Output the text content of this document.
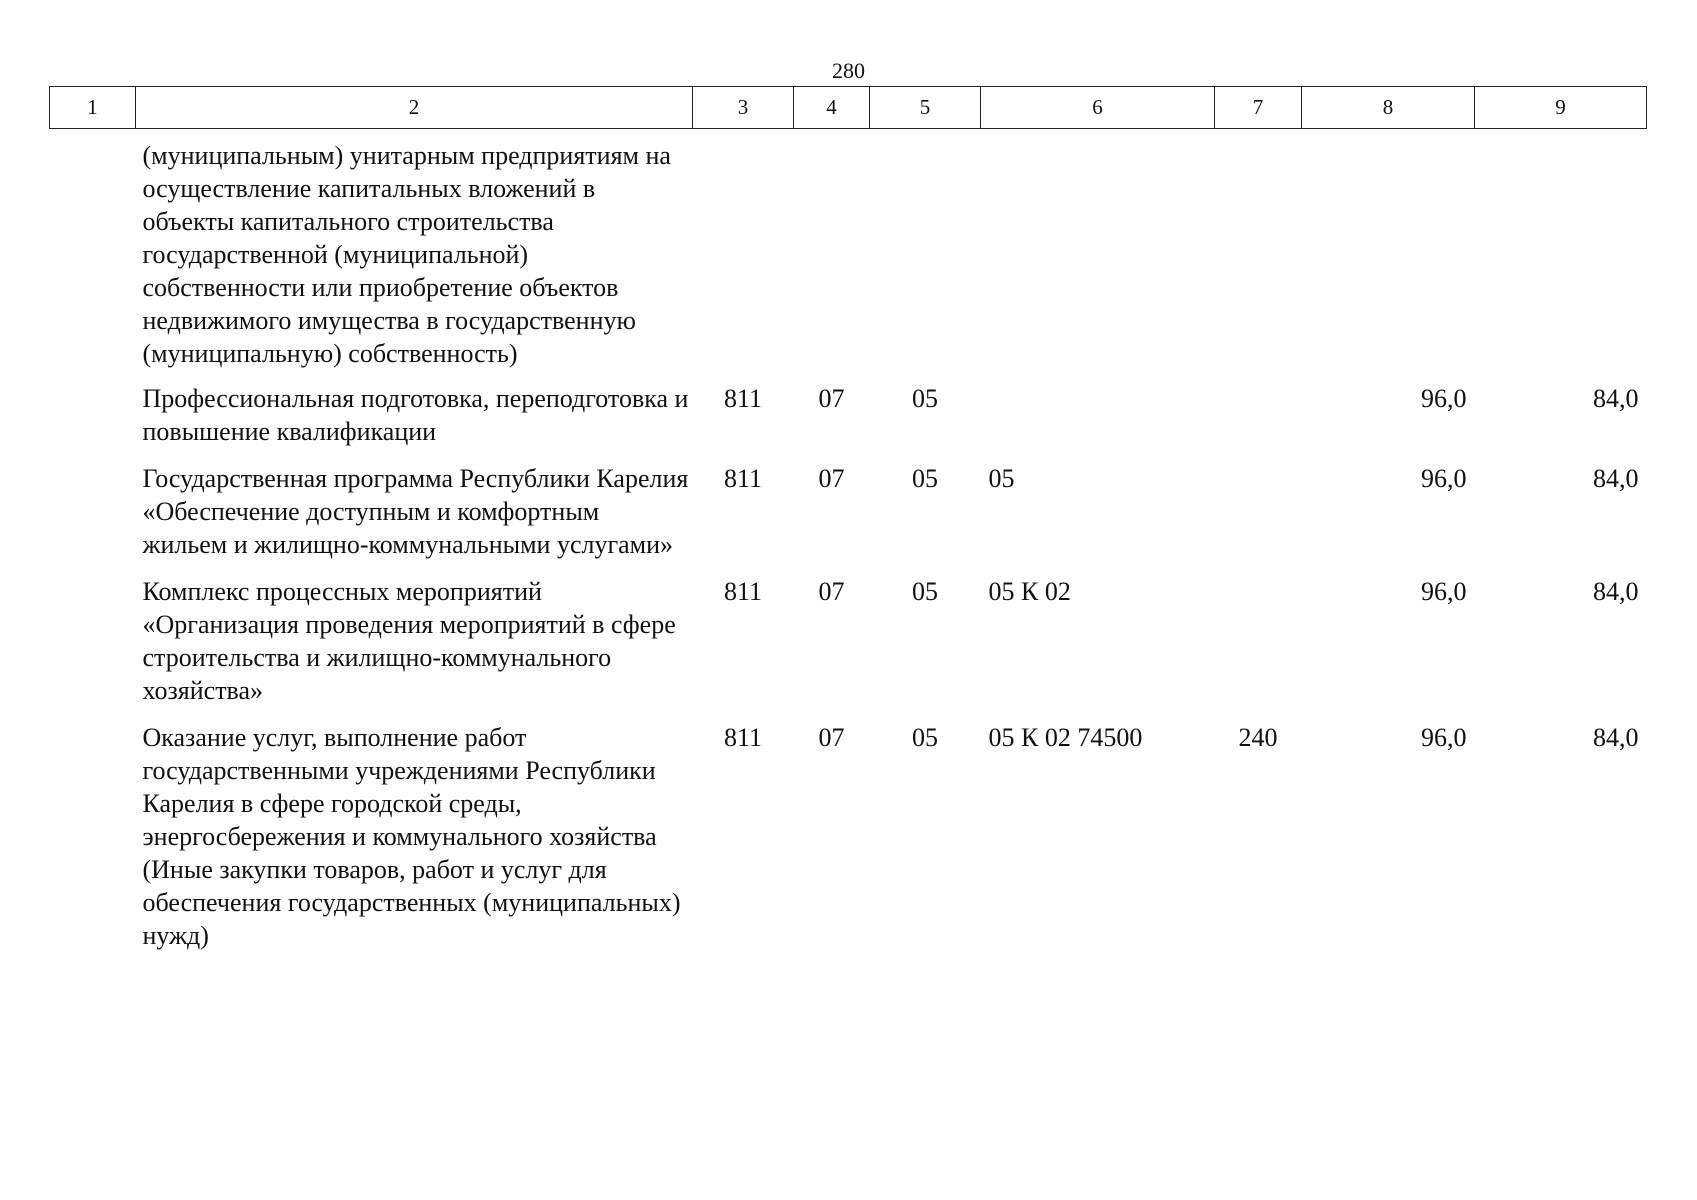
280
1	2	3	4	5	6	7	8	9
	(муниципальным) унитарным предприятиям на осуществление капитальных вложений в объекты капитального строительства государственной (муниципальной) собственности или приобретение объектов недвижимого имущества в государственную (муниципальную) собственность)							
	Профессиональная подготовка, переподготовка и повышение квалификации	811	07	05			96,0	84,0
	Государственная программа Республики Карелия «Обеспечение доступным и комфортным жильем и жилищно-коммунальными услугами»	811	07	05	05		96,0	84,0
	Комплекс процессных мероприятий «Организация проведения мероприятий в сфере строительства и жилищно-коммунального хозяйства»	811	07	05	05 К 02		96,0	84,0
	Оказание услуг, выполнение работ государственными учреждениями Республики Карелия в сфере городской среды, энергосбережения и коммунального хозяйства (Иные закупки товаров, работ и услуг для обеспечения государственных (муниципальных) нужд)	811	07	05	05 К 02 74500	240	96,0	84,0
